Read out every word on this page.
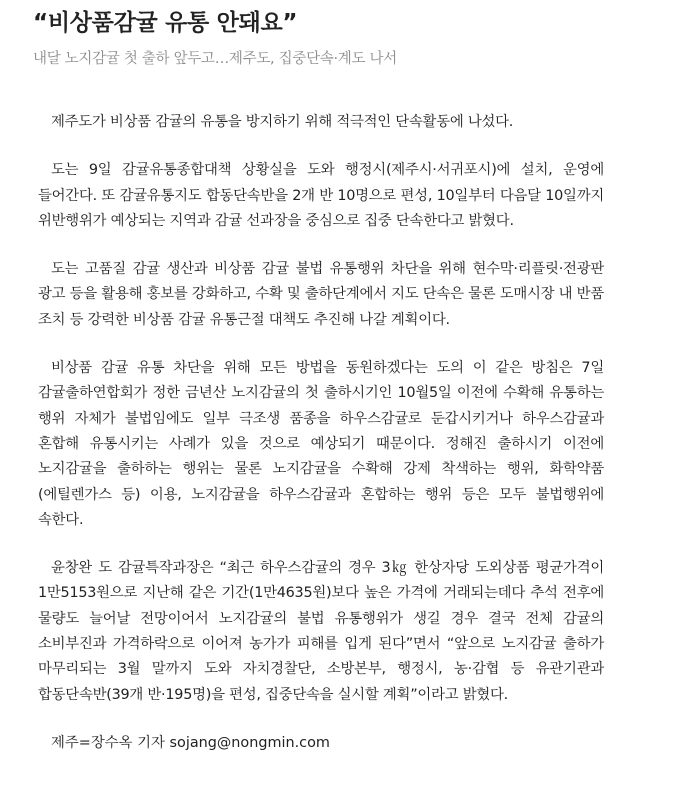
“비상품감귤 유통 안돼요”
내달 노지감귤 첫 출하 앞두고…제주도, 집중단속·계도 나서

제주도가 비상품 감귤의 유통을 방지하기 위해 적극적인 단속활동에 나섰다.

도는 9일 감귤유통종합대책 상황실을 도와 행정시(제주시·서귀포시)에 설치, 운영에 들어간다. 또 감귤유통지도 합동단속반을 2개 반 10명으로 편성, 10일부터 다음달 10일까지 위반행위가 예상되는 지역과 감귤 선과장을 중심으로 집중 단속한다고 밝혔다.

도는 고품질 감귤 생산과 비상품 감귤 불법 유통행위 차단을 위해 현수막·리플릿·전광판 광고 등을 활용해 홍보를 강화하고, 수확 및 출하단계에서 지도 단속은 물론 도매시장 내 반품 조치 등 강력한 비상품 감귤 유통근절 대책도 추진해 나갈 계획이다.

비상품 감귤 유통 차단을 위해 모든 방법을 동원하겠다는 도의 이 같은 방침은 7일 감귤출하연합회가 정한 금년산 노지감귤의 첫 출하시기인 10월5일 이전에 수확해 유통하는 행위 자체가 불법임에도 일부 극조생 품종을 하우스감귤로 둔갑시키거나 하우스감귤과 혼합해 유통시키는 사례가 있을 것으로 예상되기 때문이다. 정해진 출하시기 이전에 노지감귤을 출하하는 행위는 물론 노지감귤을 수확해 강제 착색하는 행위, 화학약품(에틸렌가스 등) 이용, 노지감귤을 하우스감귤과 혼합하는 행위 등은 모두 불법행위에 속한다.

윤창완 도 감귤특작과장은 “최근 하우스감귤의 경우 3㎏ 한상자당 도외상품 평균가격이 1만5153원으로 지난해 같은 기간(1만4635원)보다 높은 가격에 거래되는데다 추석 전후에 물량도 늘어날 전망이어서 노지감귤의 불법 유통행위가 생길 경우 결국 전체 감귤의 소비부진과 가격하락으로 이어져 농가가 피해를 입게 된다”면서 “앞으로 노지감귤 출하가 마무리되는 3월 말까지 도와 자치경찰단, 소방본부, 행정시, 농·감협 등 유관기관과 합동단속반(39개 반·195명)을 편성, 집중단속을 실시할 계획”이라고 밝혔다.

제주=장수옥 기자 sojang@nongmin.com
